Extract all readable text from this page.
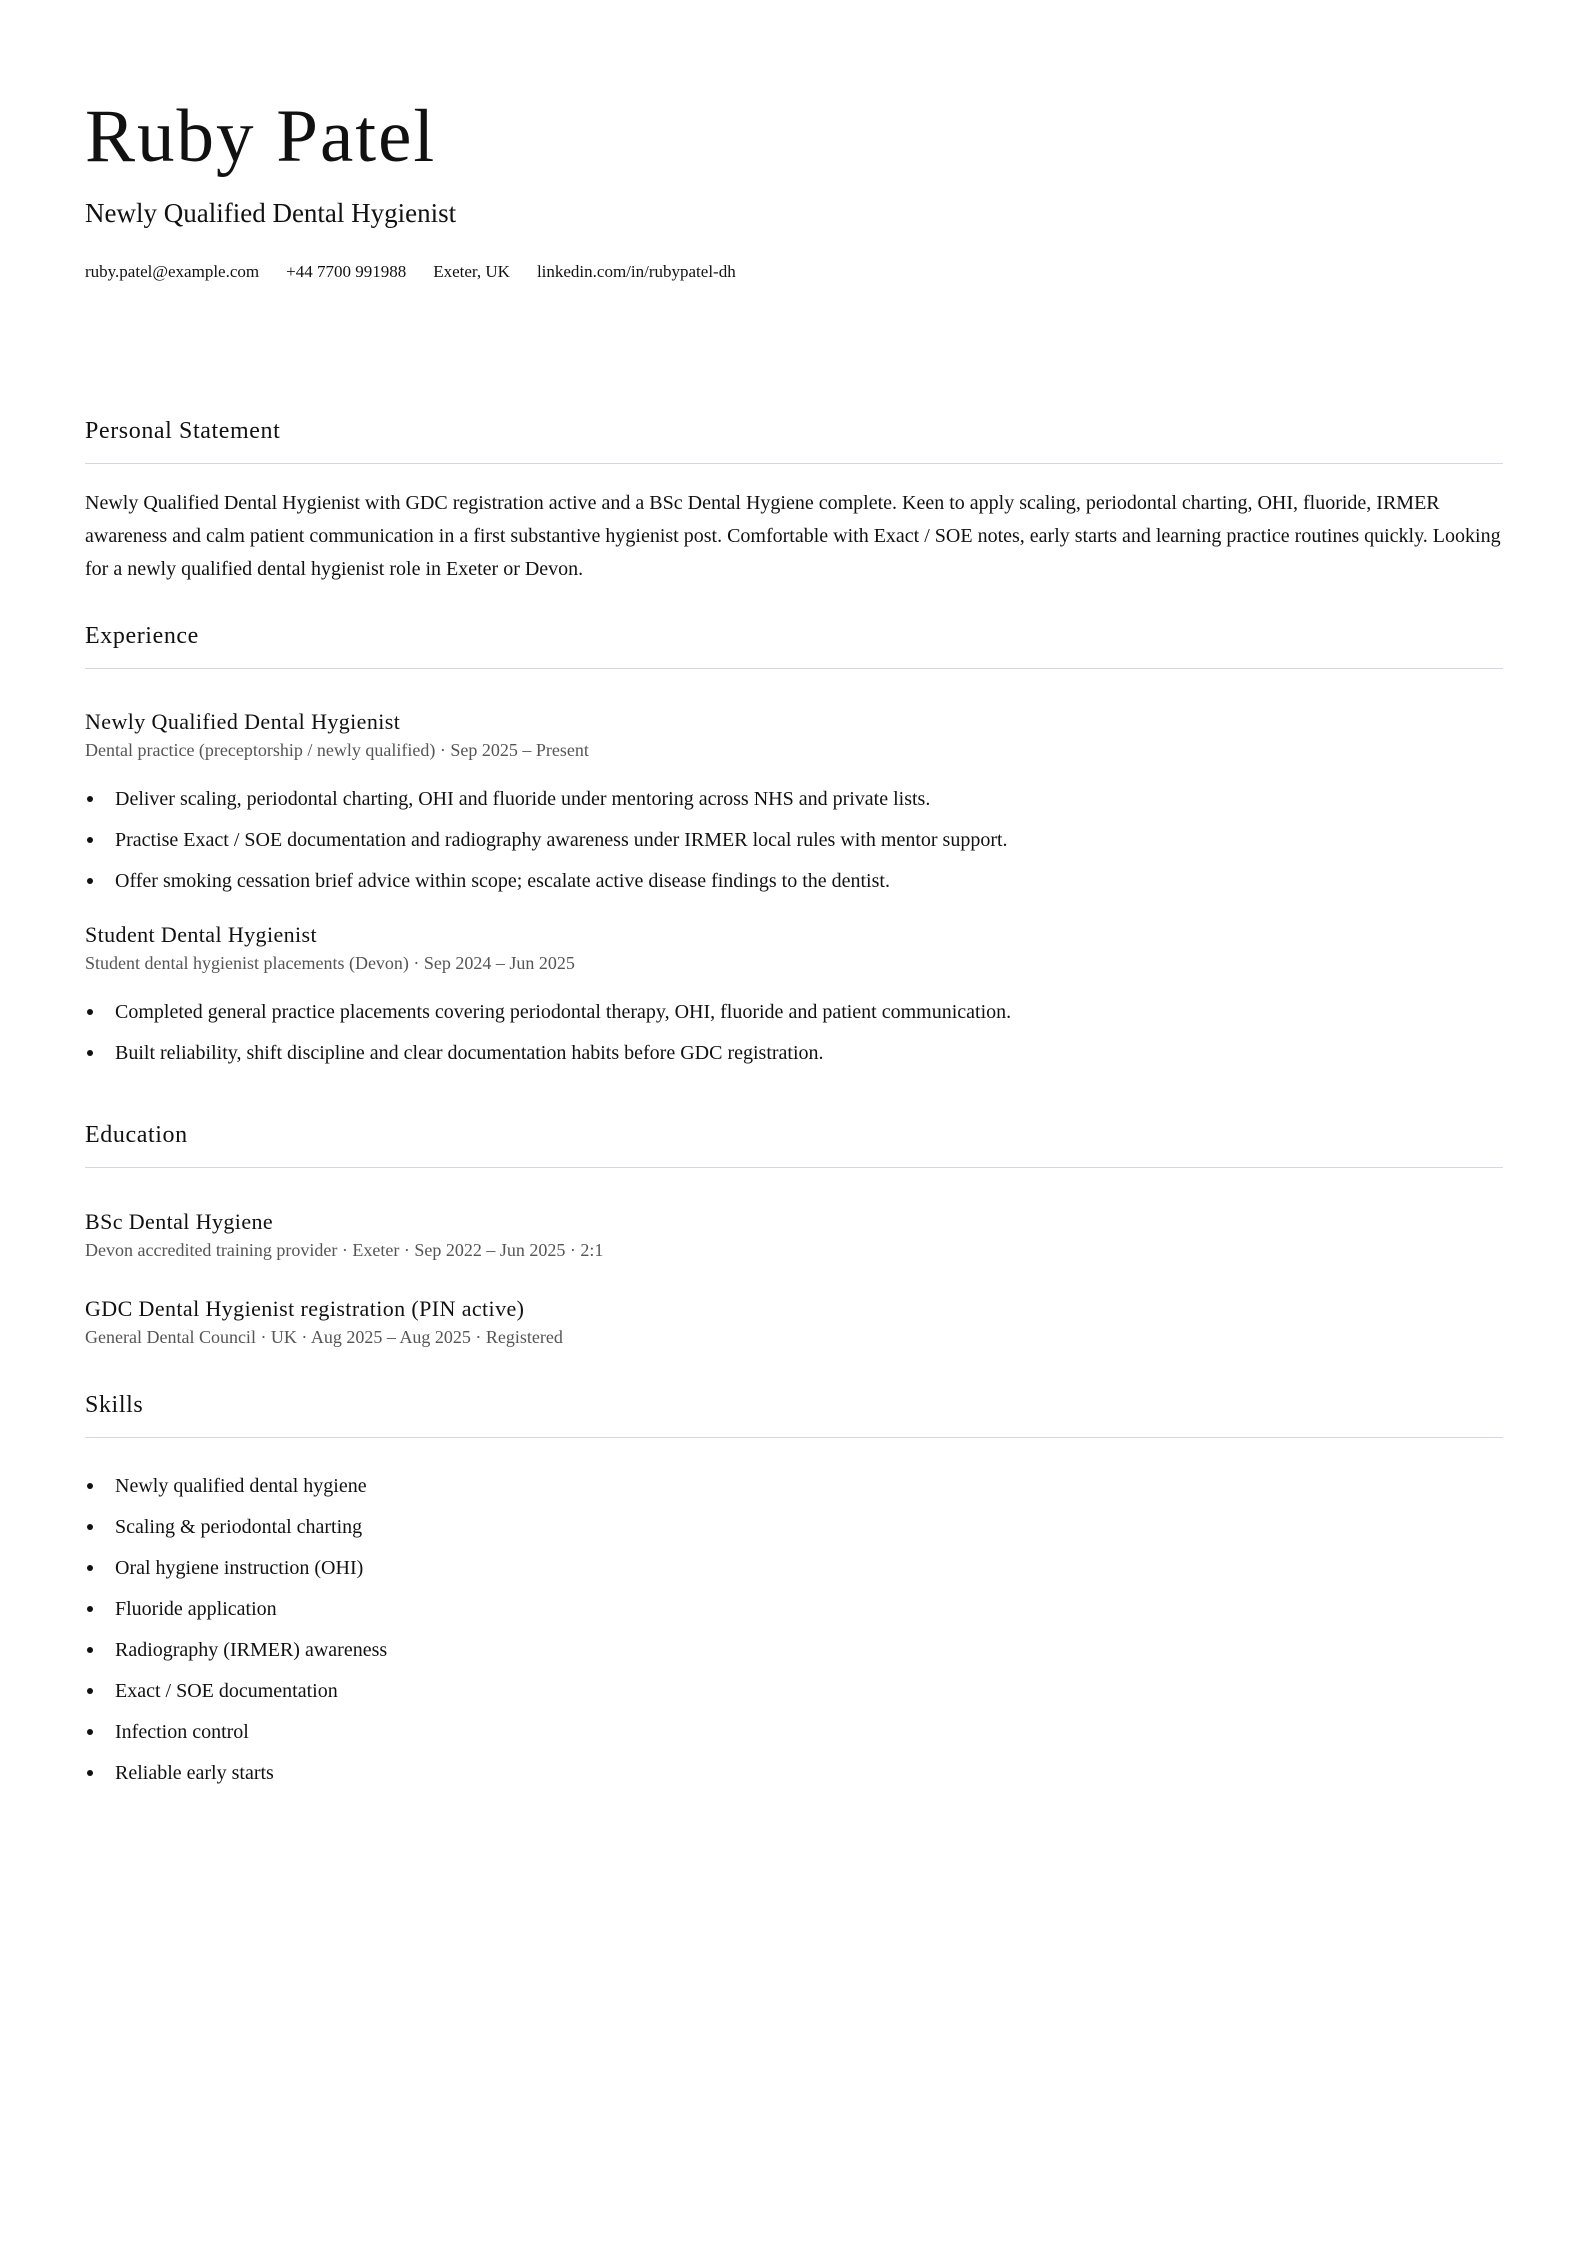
Ruby Patel

Newly Qualified Dental Hygienist

ruby.patel@example.com +44 7700 991988 Exeter, UK linkedin.com/in/rubypatel-dh
Personal Statement

Newly Qualified Dental Hygienist with GDC registration active and a BSc Dental Hygiene complete. Keen to apply scaling, periodontal charting, OHI, fluoride, IRMER awareness and calm patient communication in a first substantive hygienist post. Comfortable with Exact / SOE notes, early starts and learning practice routines quickly. Looking for a newly qualified dental hygienist role in Exeter or Devon.

Experience

Newly Qualified Dental Hygienist

Dental practice (preceptorship / newly qualified) · Sep 2025 – Present

Deliver scaling, periodontal charting, OHI and fluoride under mentoring across NHS and private lists.
Practise Exact / SOE documentation and radiography awareness under IRMER local rules with mentor support.
Offer smoking cessation brief advice within scope; escalate active disease findings to the dentist.

Student Dental Hygienist

Student dental hygienist placements (Devon) · Sep 2024 – Jun 2025

Completed general practice placements covering periodontal therapy, OHI, fluoride and patient communication.
Built reliability, shift discipline and clear documentation habits before GDC registration.
Education

BSc Dental Hygiene

Devon accredited training provider · Exeter · Sep 2022 – Jun 2025 · 2:1

GDC Dental Hygienist registration (PIN active)

General Dental Council · UK · Aug 2025 – Aug 2025 · Registered

Skills
Newly qualified dental hygiene
Scaling & periodontal charting
Oral hygiene instruction (OHI)
Fluoride application
Radiography (IRMER) awareness
Exact / SOE documentation
Infection control
Reliable early starts
